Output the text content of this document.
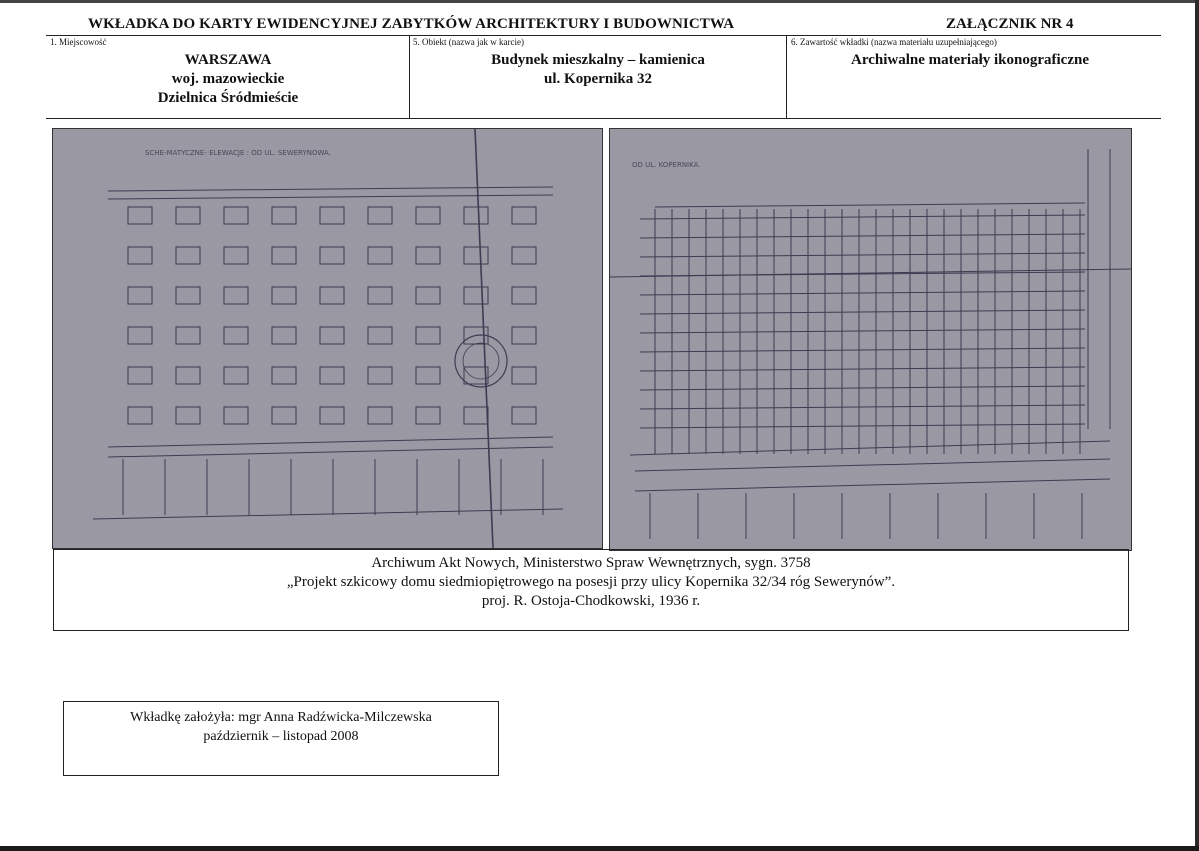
WKŁADKA DO KARTY EWIDENCYJNEJ ZABYTKÓW ARCHITEKTURY I BUDOWNICTWA	ZAŁĄCZNIK NR 4
1. Miejscowość
WARSZAWA
woj. mazowieckie
Dzielnica Śródmieście
5. Obiekt (nazwa jak w karcie)
Budynek mieszkalny – kamienica
ul. Kopernika 32
6. Zawartość wkładki (nazwa materiału uzupełniającego)
Archiwalne materiały ikonograficzne
SCHE-MATYCZNE- ELEWACJE : OD UL. SEWERYNOWA.
OD UL. KOPERNIKA.
Archiwum Akt Nowych, Ministerstwo Spraw Wewnętrznych, sygn. 3758
„Projekt szkicowy domu siedmiopiętrowego na posesji przy ulicy Kopernika 32/34 róg Sewerynów”.
proj. R. Ostoja-Chodkowski, 1936 r.
Wkładkę założyła: mgr Anna Radźwicka-Milczewska
październik – listopad 2008
